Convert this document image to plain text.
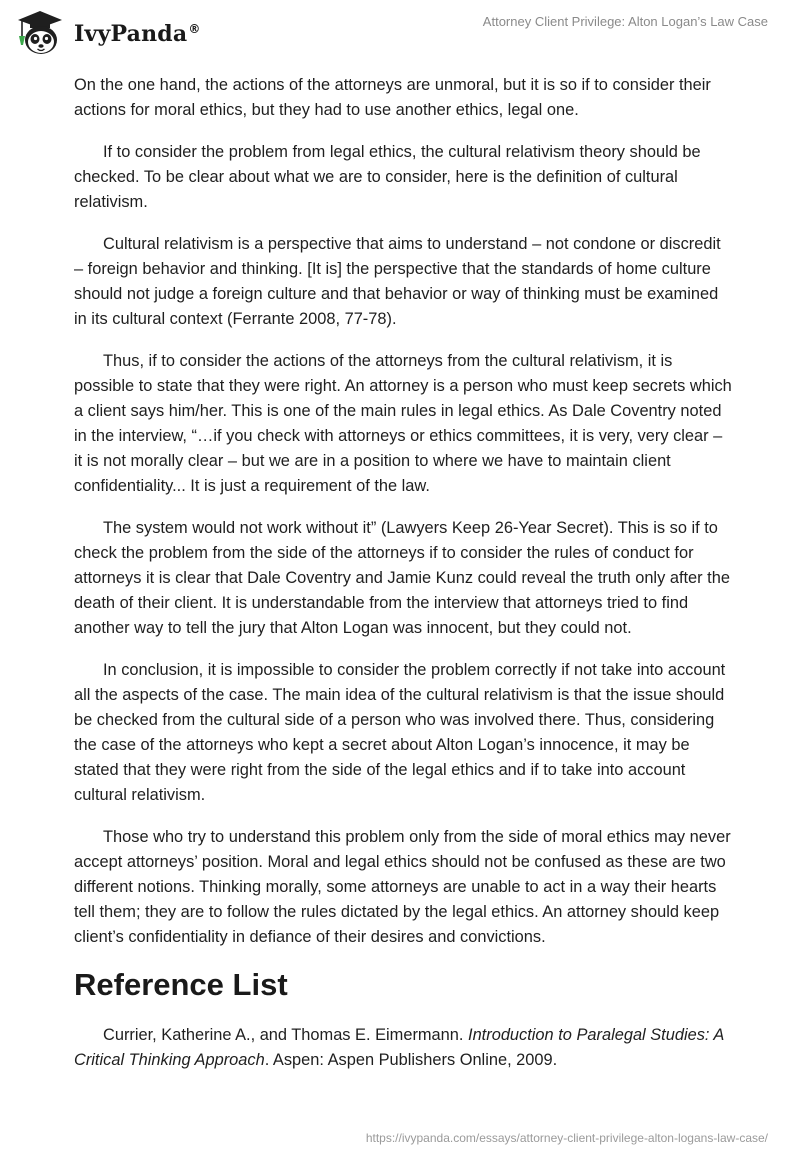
IvyPanda®	Attorney Client Privilege: Alton Logan’s Law Case

On the one hand, the actions of the attorneys are unmoral, but it is so if to consider their actions for moral ethics, but they had to use another ethics, legal one.

If to consider the problem from legal ethics, the cultural relativism theory should be checked. To be clear about what we are to consider, here is the definition of cultural relativism.

Cultural relativism is a perspective that aims to understand – not condone or discredit – foreign behavior and thinking. [It is] the perspective that the standards of home culture should not judge a foreign culture and that behavior or way of thinking must be examined in its cultural context (Ferrante 2008, 77-78).

Thus, if to consider the actions of the attorneys from the cultural relativism, it is possible to state that they were right. An attorney is a person who must keep secrets which a client says him/her. This is one of the main rules in legal ethics. As Dale Coventry noted in the interview, “…if you check with attorneys or ethics committees, it is very, very clear – it is not morally clear – but we are in a position to where we have to maintain client confidentiality... It is just a requirement of the law.

The system would not work without it” (Lawyers Keep 26-Year Secret). This is so if to check the problem from the side of the attorneys if to consider the rules of conduct for attorneys it is clear that Dale Coventry and Jamie Kunz could reveal the truth only after the death of their client. It is understandable from the interview that attorneys tried to find another way to tell the jury that Alton Logan was innocent, but they could not.

In conclusion, it is impossible to consider the problem correctly if not take into account all the aspects of the case. The main idea of the cultural relativism is that the issue should be checked from the cultural side of a person who was involved there. Thus, considering the case of the attorneys who kept a secret about Alton Logan’s innocence, it may be stated that they were right from the side of the legal ethics and if to take into account cultural relativism.

Those who try to understand this problem only from the side of moral ethics may never accept attorneys’ position. Moral and legal ethics should not be confused as these are two different notions. Thinking morally, some attorneys are unable to act in a way their hearts tell them; they are to follow the rules dictated by the legal ethics. An attorney should keep client’s confidentiality in defiance of their desires and convictions.

Reference List

Currier, Katherine A., and Thomas E. Eimermann. Introduction to Paralegal Studies: A Critical Thinking Approach. Aspen: Aspen Publishers Online, 2009.

https://ivypanda.com/essays/attorney-client-privilege-alton-logans-law-case/
